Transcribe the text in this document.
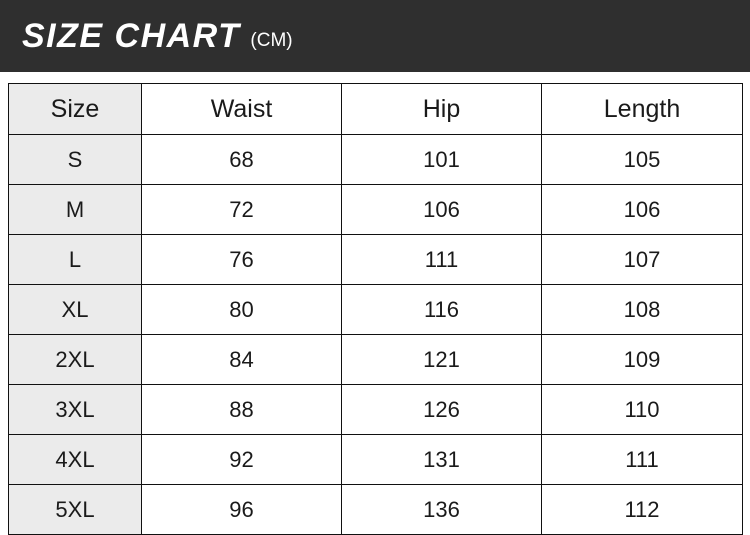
SIZE CHART (CM)
Size	Waist	Hip	Length
S	68	101	105
M	72	106	106
L	76	111	107
XL	80	116	108
2XL	84	121	109
3XL	88	126	110
4XL	92	131	111
5XL	96	136	112
